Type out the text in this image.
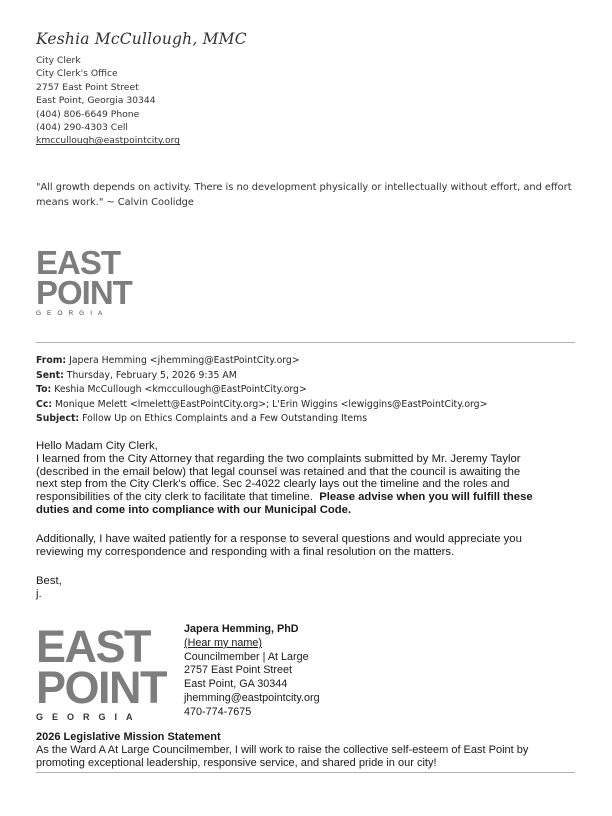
Keshia McCullough, MMC
City Clerk
City Clerk's Office
2757 East Point Street
East Point, Georgia 30344
(404) 806-6649 Phone
(404) 290-4303 Cell
kmccullough@eastpointcity.org
"All growth depends on activity. There is no development physically or intellectually without effort, and effort means work." ~ Calvin Coolidge
EAST
POINT
GEORGIA
From: Japera Hemming <jhemming@EastPointCity.org>
Sent: Thursday, February 5, 2026 9:35 AM
To: Keshia McCullough <kmccullough@EastPointCity.org>
Cc: Monique Melett <lmelett@EastPointCity.org>; L'Erin Wiggins <lewiggins@EastPointCity.org>
Subject: Follow Up on Ethics Complaints and a Few Outstanding Items
Hello Madam City Clerk,
I learned from the City Attorney that regarding the two complaints submitted by Mr. Jeremy Taylor
(described in the email below) that legal counsel was retained and that the council is awaiting the
next step from the City Clerk's office. Sec 2-4022 clearly lays out the timeline and the roles and
responsibilities of the city clerk to facilitate that timeline.  Please advise when you will fulfill these
duties and come into compliance with our Municipal Code.
Additionally, I have waited patiently for a response to several questions and would appreciate you
reviewing my correspondence and responding with a final resolution on the matters.
Best,
j.
EAST
POINT
GEORGIA
Japera Hemming, PhD
(Hear my name)
Councilmember | At Large
2757 East Point Street
East Point, GA 30344
jhemming@eastpointcity.org
470-774-7675
2026 Legislative Mission Statement
As the Ward A At Large Councilmember, I will work to raise the collective self-esteem of East Point by
promoting exceptional leadership, responsive service, and shared pride in our city!
